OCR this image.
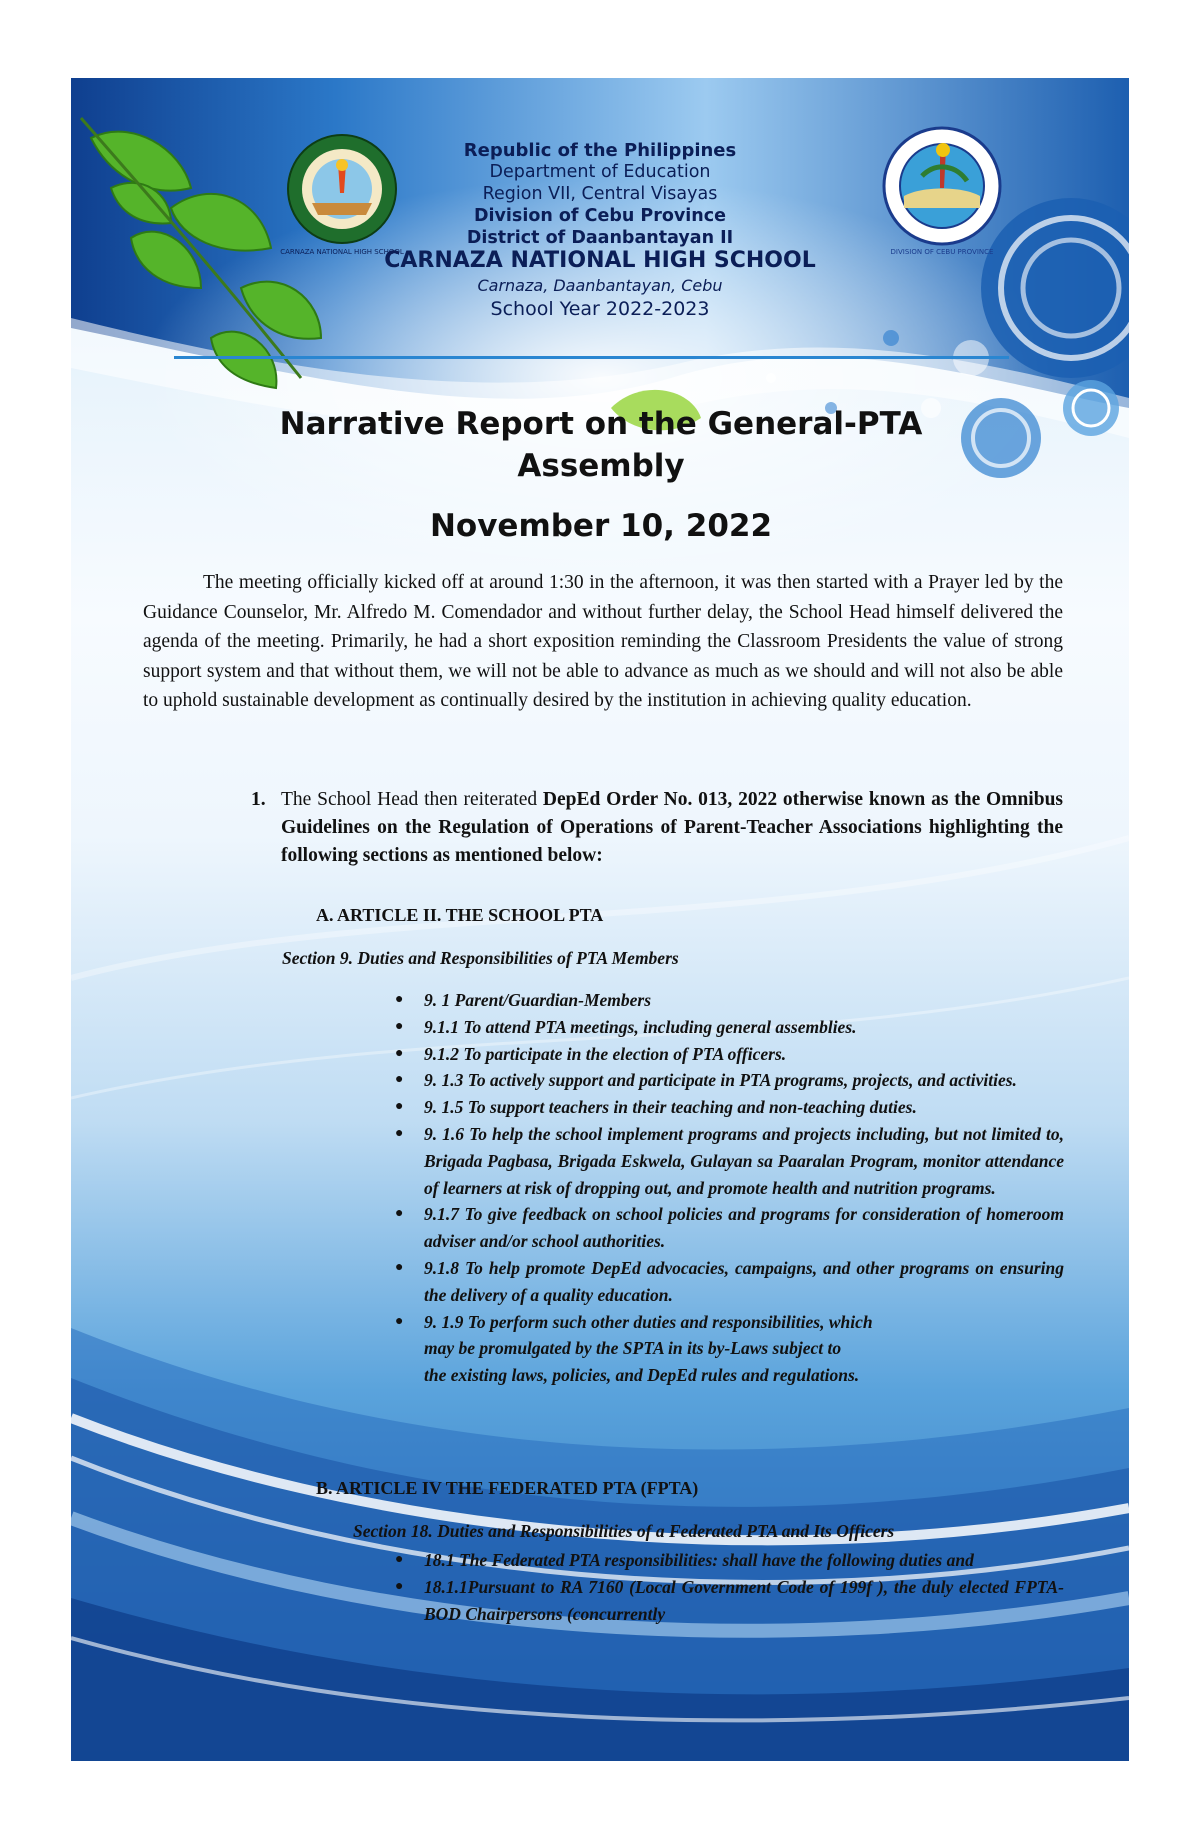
CARNAZA NATIONAL HIGH SCHOOL	DIVISION OF CEBU PROVINCE
Republic of the Philippines
Department of Education
Region VII, Central Visayas
Division of Cebu Province
District of Daanbantayan II
CARNAZA NATIONAL HIGH SCHOOL
Carnaza, Daanbantayan, Cebu
School Year 2022-2023
Narrative Report on the General-PTA
Assembly
November 10, 2022
The meeting officially kicked off at around 1:30 in the afternoon, it was then started with a Prayer led by the Guidance Counselor, Mr. Alfredo M. Comendador and without further delay, the School Head himself delivered the agenda of the meeting. Primarily, he had a short exposition reminding the Classroom Presidents the value of strong support system and that without them, we will not be able to advance as much as we should and will not also be able to uphold sustainable development as continually desired by the institution in achieving quality education.
1. The School Head then reiterated DepEd Order No. 013, 2022 otherwise known as the Omnibus Guidelines on the Regulation of Operations of Parent-Teacher Associations highlighting the following sections as mentioned below:
A. ARTICLE II. THE SCHOOL PTA
Section 9. Duties and Responsibilities of PTA Members
● 9. 1 Parent/Guardian-Members
● 9.1.1 To attend PTA meetings, including general assemblies.
● 9.1.2 To participate in the election of PTA officers.
● 9. 1.3 To actively support and participate in PTA programs, projects, and activities.
● 9. 1.5 To support teachers in their teaching and non-teaching duties.
● 9. 1.6 To help the school implement programs and projects including, but not limited to, Brigada Pagbasa, Brigada Eskwela, Gulayan sa Paaralan Program, monitor attendance of learners at risk of dropping out, and promote health and nutrition programs.
● 9.1.7 To give feedback on school policies and programs for consideration of homeroom adviser and/or school authorities.
● 9.1.8 To help promote DepEd advocacies, campaigns, and other programs on ensuring the delivery of a quality education.
● 9. 1.9 To perform such other duties and responsibilities, which
may be promulgated by the SPTA in its by-Laws subject to
the existing laws, policies, and DepEd rules and regulations.
B. ARTICLE IV THE FEDERATED PTA (FPTA)
Section 18. Duties and Responsibilities of a Federated PTA and Its Officers
● 18.1 The Federated PTA responsibilities: shall have the following duties and
● 18.1.1Pursuant to RA 7160 (Local Government Code of 199f ), the duly elected FPTA-BOD Chairpersons (concurrently
